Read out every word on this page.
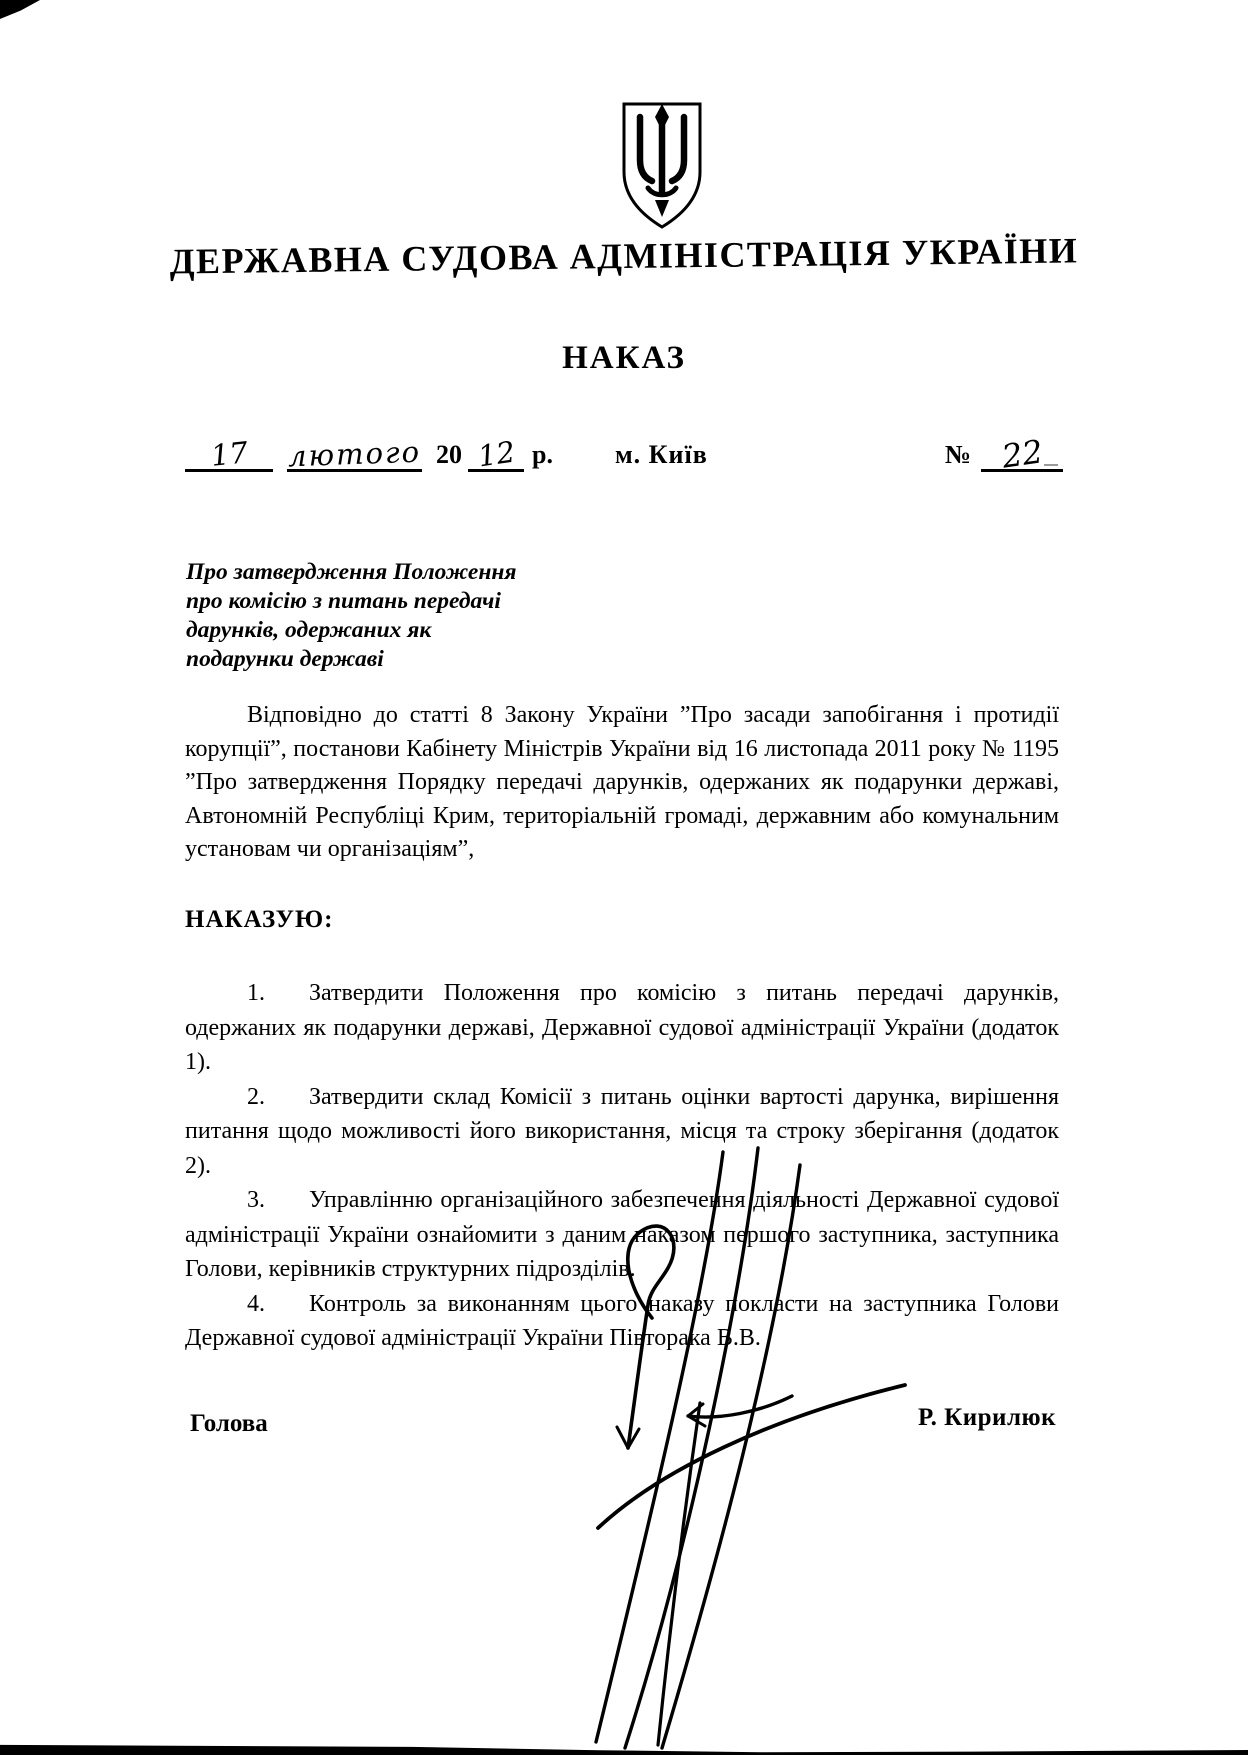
ДЕРЖАВНА СУДОВА АДМІНІСТРАЦІЯ УКРАЇНИ
НАКАЗ
17 лютого 20 12 р. м. Київ	№ 22
Про затвердження Положення
про комісію з питань передачі
дарунків, одержаних як
подарунки державі

Відповідно до статті 8 Закону України ”Про засади запобігання і протидії корупції”, постанови Кабінету Міністрів України від 16 листопада 2011 року № 1195 ”Про затвердження Порядку передачі дарунків, одержаних як подарунки державі, Автономній Республіці Крим, територіальній громаді, державним або комунальним установам чи організаціям”,

НАКАЗУЮ:

1. Затвердити Положення про комісію з питань передачі дарунків, одержаних як подарунки державі, Державної судової адміністрації України (додаток 1).

2. Затвердити склад Комісії з питань оцінки вартості дарунка, вирішення питання щодо можливості його використання, місця та строку зберігання (додаток 2).

3. Управлінню організаційного забезпечення діяльності Державної судової адміністрації України ознайомити з даним наказом першого заступника, заступника Голови, керівників структурних підрозділів.

4. Контроль за виконанням цього наказу покласти на заступника Голови Державної судової адміністрації України Півторака В.В.

Голова	Р. Кирилюк
